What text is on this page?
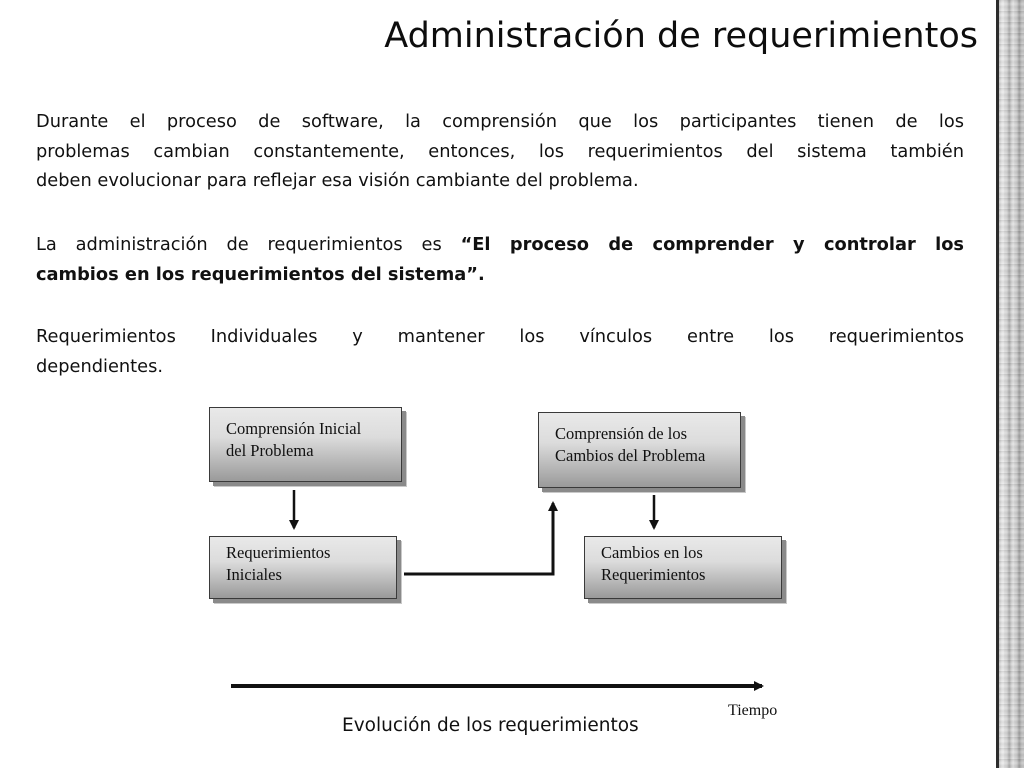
Administración de requerimientos
Durante el proceso de software, la comprensión que los participantes tienen de los
problemas cambian constantemente, entonces, los requerimientos del sistema también
deben evolucionar para reflejar esa visión cambiante del problema.
La administración de requerimientos es “El proceso de comprender y controlar los
cambios en los requerimientos del sistema”.
Requerimientos Individuales y mantener los vínculos entre los requerimientos
dependientes.
Comprensión Inicial
del Problema
Comprensión de los
Cambios del Problema
Requerimientos
Iniciales
Cambios en los
Requerimientos
Tiempo
Evolución de los requerimientos
